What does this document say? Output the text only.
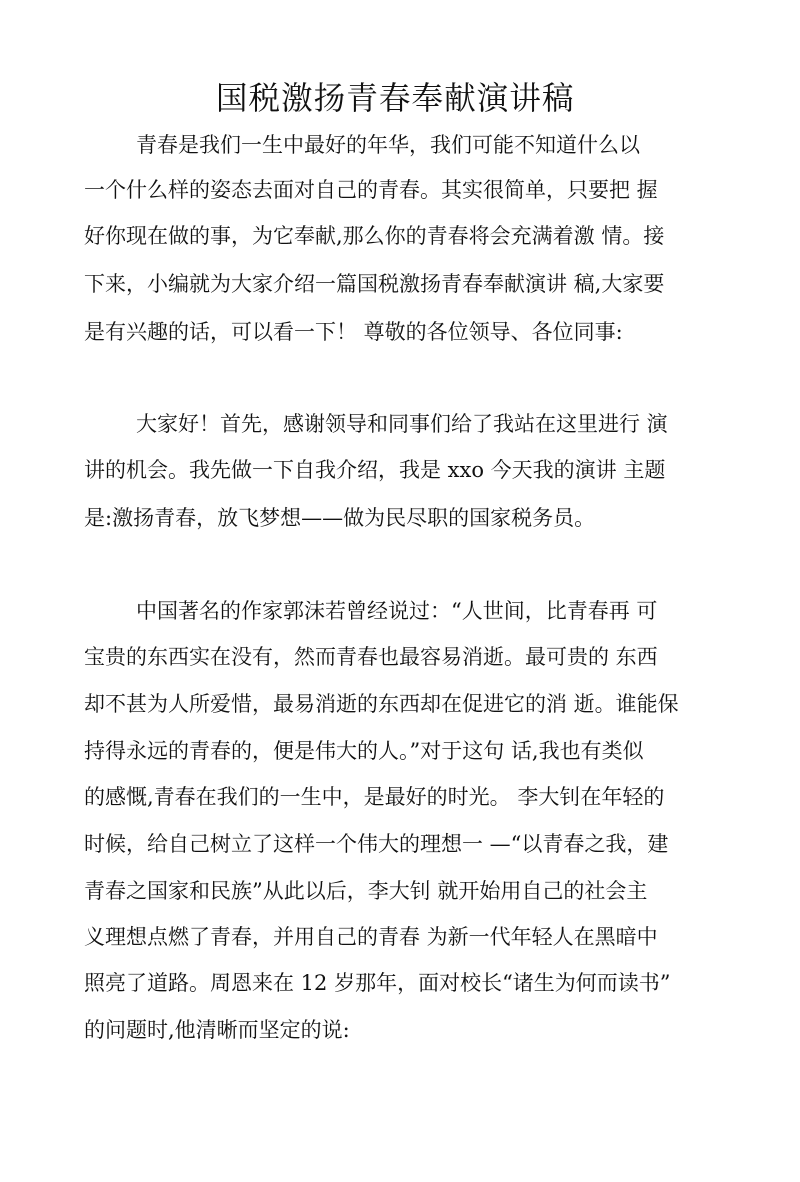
国税激扬青春奉献演讲稿
青春是我们一生中最好的年华，我们可能不知道什么以
一个什么样的姿态去面对自己的青春。其实很简单，只要把 握
好你现在做的事，为它奉献,那么你的青春将会充满着激 情。接
下来，小编就为大家介绍一篇国税激扬青春奉献演讲 稿,大家要
是有兴趣的话，可以看一下！ 尊敬的各位领导、各位同事:
大家好！首先，感谢领导和同事们给了我站在这里进行 演
讲的机会。我先做一下自我介绍，我是 xxo 今天我的演讲 主题
是:激扬青春，放飞梦想——做为民尽职的国家税务员。
中国著名的作家郭沫若曾经说过：“人世间，比青春再 可
宝贵的东西实在没有，然而青春也最容易消逝。最可贵的 东西
却不甚为人所爱惜，最易消逝的东西却在促进它的消 逝。谁能保
持得永远的青春的，便是伟大的人。”对于这句 话,我也有类似
的感慨,青春在我们的一生中，是最好的时光。 李大钊在年轻的
时候，给自己树立了这样一个伟大的理想一 —“以青春之我，建
青春之国家和民族”从此以后，李大钊 就开始用自己的社会主
义理想点燃了青春，并用自己的青春 为新一代年轻人在黑暗中
照亮了道路。周恩来在 12 岁那年，面对校长“诸生为何而读书”
的问题时,他清晰而坚定的说:
